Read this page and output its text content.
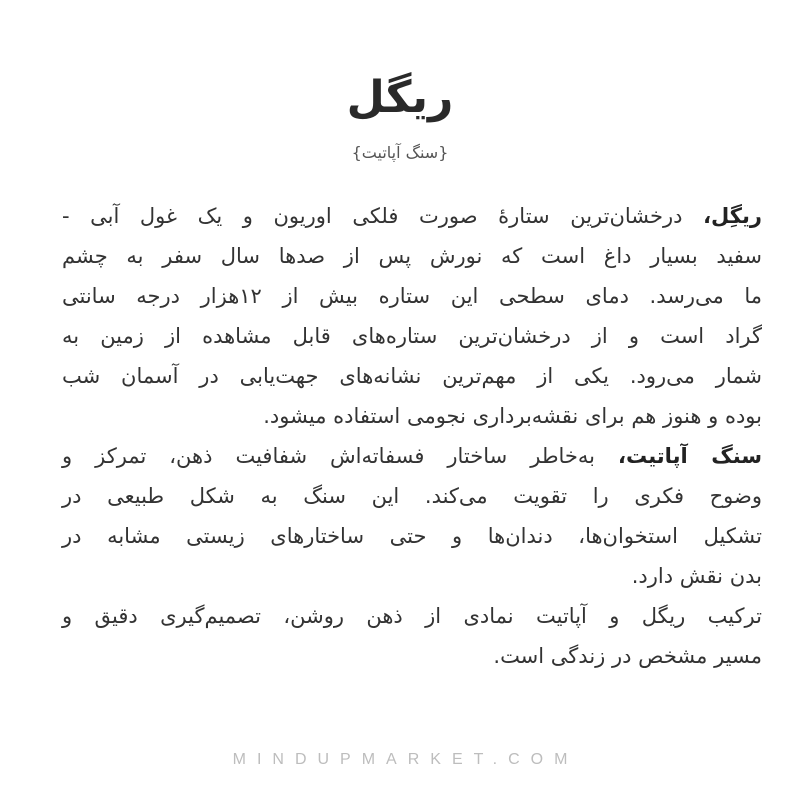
ریگل
{سنگ آپاتیت}
ریگِل، درخشان‌ترین ستارهٔ صورت فلکی اوریون و یک غول آبی -
سفید بسیار داغ است که نورش پس از صدها سال سفر به چشم
ما می‌رسد. دمای سطحی این ستاره بیش از ۱۲هزار درجه سانتی
گراد است و از درخشان‌ترین ستاره‌های قابل مشاهده از زمین به
شمار می‌رود. یکی از مهم‌ترین نشانه‌های جهت‌یابی در آسمان شب
بوده و هنوز هم برای نقشه‌برداری نجومی استفاده میشود.
سنگ آپاتیت، به‌خاطر ساختار فسفاته‌اش شفافیت ذهن، تمرکز و
وضوح فکری را تقویت می‌کند. این سنگ به شکل طبیعی در
تشکیل استخوان‌ها، دندان‌ها و حتی ساختارهای زیستی مشابه در
بدن نقش دارد.
ترکیب ریگل و آپاتیت نمادی از ذهن روشن، تصمیم‌گیری دقیق و
مسیر مشخص در زندگی است.
MINDUPMARKET.COM
